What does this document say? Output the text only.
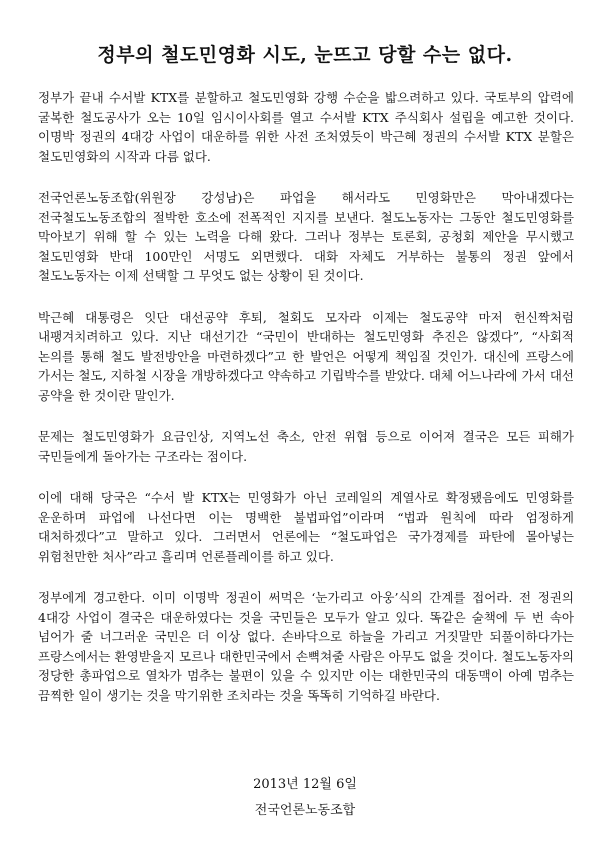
정부의 철도민영화 시도, 눈뜨고 당할 수는 없다.

정부가 끝내 수서발 KTX를 분할하고 철도민영화 강행 수순을 밟으려하고 있다. 국토부의 압력에 굴복한 철도공사가 오는 10일 임시이사회를 열고 수서발 KTX 주식회사 설립을 예고한 것이다. 이명박 정권의 4대강 사업이 대운하를 위한 사전 조처였듯이 박근혜 정권의 수서발 KTX 분할은 철도민영화의 시작과 다름 없다.

전국언론노동조합(위원장 강성남)은 파업을 해서라도 민영화만은 막아내겠다는 전국철도노동조합의 절박한 호소에 전폭적인 지지를 보낸다. 철도노동자는 그동안 철도민영화를 막아보기 위해 할 수 있는 노력을 다해 왔다. 그러나 정부는 토론회, 공청회 제안을 무시했고 철도민영화 반대 100만인 서명도 외면했다. 대화 자체도 거부하는 불통의 정권 앞에서 철도노동자는 이제 선택할 그 무엇도 없는 상황이 된 것이다.

박근혜 대통령은 잇단 대선공약 후퇴, 철회도 모자라 이제는 철도공약 마저 헌신짝처럼 내팽겨치려하고 있다. 지난 대선기간 “국민이 반대하는 철도민영화 추진은 않겠다”, “사회적 논의를 통해 철도 발전방안을 마련하겠다”고 한 발언은 어떻게 책임질 것인가. 대신에 프랑스에 가서는 철도, 지하철 시장을 개방하겠다고 약속하고 기립박수를 받았다. 대체 어느나라에 가서 대선 공약을 한 것이란 말인가.

문제는 철도민영화가 요금인상, 지역노선 축소, 안전 위협 등으로 이어져 결국은 모든 피해가 국민들에게 돌아가는 구조라는 점이다.

이에 대해 당국은 “수서 발 KTX는 민영화가 아닌 코레일의 계열사로 확정됐음에도 민영화를 운운하며 파업에 나선다면 이는 명백한 불법파업”이라며 “법과 원칙에 따라 엄정하게 대처하겠다”고 말하고 있다. 그러면서 언론에는 “철도파업은 국가경제를 파탄에 몰아넣는 위험천만한 처사”라고 흘리며 언론플레이를 하고 있다.

정부에게 경고한다. 이미 이명박 정권이 써먹은 ‘눈가리고 아웅’식의 간계를 접어라. 전 정권의 4대강 사업이 결국은 대운하였다는 것을 국민들은 모두가 알고 있다. 똑같은 술책에 두 번 속아 넘어가 줄 너그러운 국민은 더 이상 없다. 손바닥으로 하늘을 가리고 거짓말만 되풀이하다가는 프랑스에서는 환영받을지 모르나 대한민국에서 손뼉쳐줄 사람은 아무도 없을 것이다. 철도노동자의 정당한 총파업으로 열차가 멈추는 불편이 있을 수 있지만 이는 대한민국의 대동맥이 아예 멈추는 끔찍한 일이 생기는 것을 막기위한 조치라는 것을 똑똑히 기억하길 바란다.

2013년 12월 6일
전국언론노동조합
